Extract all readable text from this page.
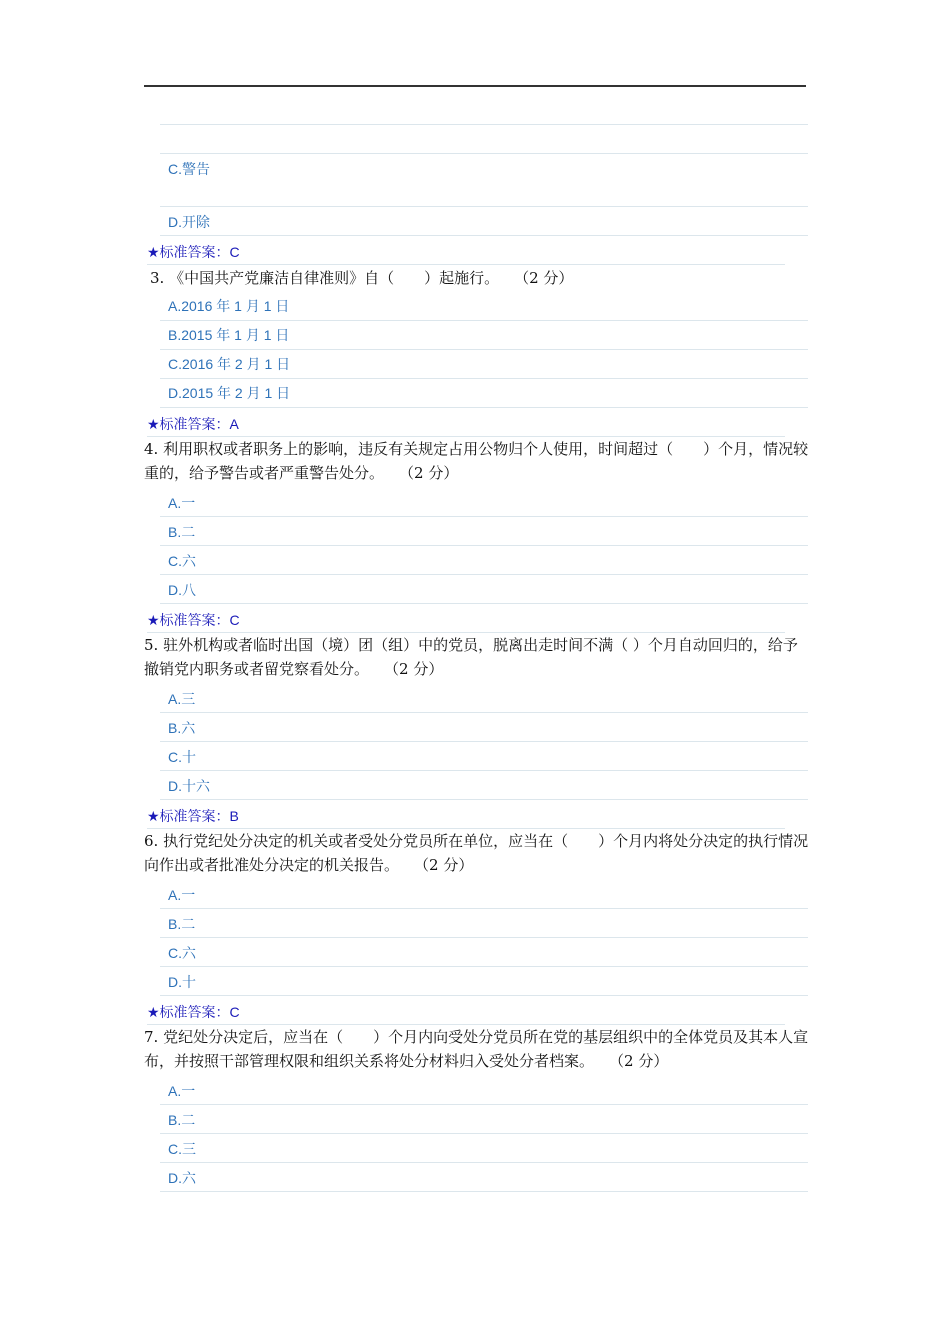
C.警告
D.开除
★标准答案：C
3. 《中国共产党廉洁自律准则》自（　　）起施行。　　（2 分）
A.2016 年 1 月 1 日
B.2015 年 1 月 1 日
C.2016 年 2 月 1 日
D.2015 年 2 月 1 日
★标准答案：A
4. 利用职权或者职务上的影响，违反有关规定占用公物归个人使用，时间超过（　　）个月，情况较重的，给予警告或者严重警告处分。　　（2 分）
A.一
B.二
C.六
D.八
★标准答案：C
5. 驻外机构或者临时出国（境）团（组）中的党员，脱离出走时间不满（ ）个月自动回归的，给予撤销党内职务或者留党察看处分。　　（2 分）
A.三
B.六
C.十
D.十六
★标准答案：B
6. 执行党纪处分决定的机关或者受处分党员所在单位，应当在（　　）个月内将处分决定的执行情况向作出或者批准处分决定的机关报告。　　（2 分）
A.一
B.二
C.六
D.十
★标准答案：C
7. 党纪处分决定后，应当在（　　）个月内向受处分党员所在党的基层组织中的全体党员及其本人宣布，并按照干部管理权限和组织关系将处分材料归入受处分者档案。　　（2 分）
A.一
B.二
C.三
D.六
